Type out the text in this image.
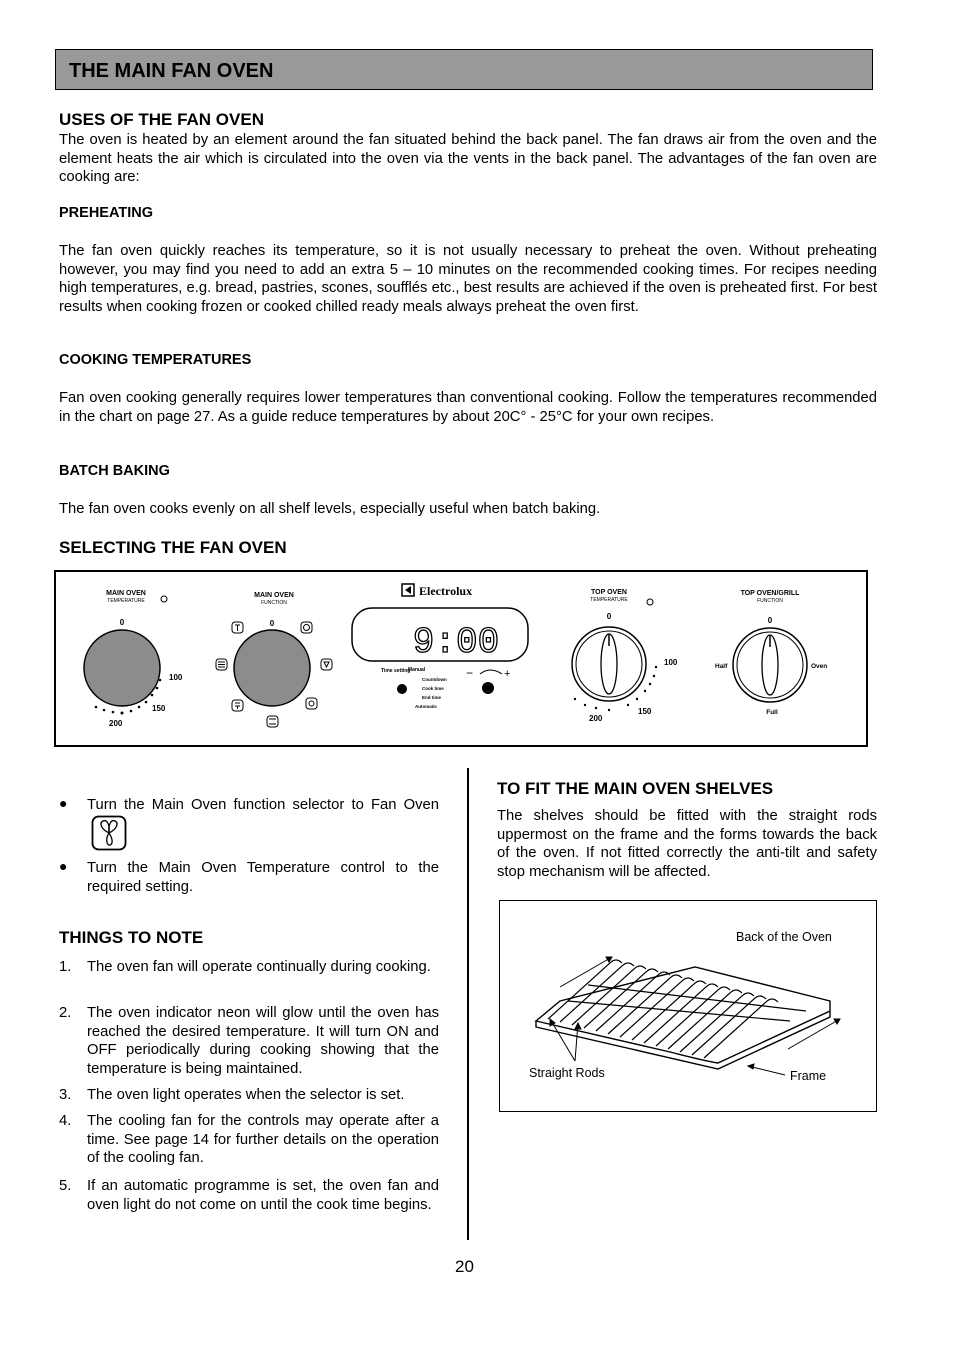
THE MAIN FAN OVEN
USES OF THE FAN OVEN
The oven is heated by an element around the fan situated behind the back panel. The fan draws air from the oven and the element heats the air which is circulated into the oven via the vents in the back panel. The advantages of the fan oven are cooking are:
PREHEATING
The fan oven quickly reaches its temperature, so it is not usually necessary to preheat the oven. Without preheating however, you may find you need to add an extra 5 – 10 minutes on the recommended cooking times. For recipes needing high temperatures, e.g. bread, pastries, scones, soufflés etc., best results are achieved if the oven is preheated first. For best results when cooking frozen or cooked chilled ready meals always preheat the oven first.
COOKING TEMPERATURES
Fan oven cooking generally requires lower temperatures than conventional cooking. Follow the temperatures recommended in the chart on page 27. As a guide reduce temperatures by about 20C° - 25°C for your own recipes.
BATCH BAKING
The fan oven cooks evenly on all shelf levels, especially useful when batch baking.
SELECTING THE FAN OVEN
MAIN OVEN
TEMPERATURE
0
100
150
200
MAIN OVEN
FUNCTION
0
Electrolux
9:00
Time setting
Manual
Countdown
Cook time
End time
Automatic
−	+
TOP OVEN
TEMPERATURE
0
100
150
200
TOP OVEN/GRILL
FUNCTION
0
Half	Oven
Full
● Turn the Main Oven function selector to Fan Oven
● Turn the Main Oven Temperature control to the required setting.
THINGS TO NOTE
1. The oven fan will operate continually during cooking.
2. The oven indicator neon will glow until the oven has reached the desired temperature. It will turn ON and OFF periodically during cooking showing that the temperature is being maintained.
3. The oven light operates when the selector is set.
4. The cooling fan for the controls may operate after a time. See page 14 for further details on the operation of the cooling fan.
5. If an automatic programme is set, the oven fan and oven light do not come on until the cook time begins.
TO FIT THE MAIN OVEN SHELVES
The shelves should be fitted with the straight rods uppermost on the frame and the forms towards the back of the oven. If not fitted correctly the anti-tilt and safety stop mechanism will be affected.
Back of the Oven
Straight Rods	Frame
20
